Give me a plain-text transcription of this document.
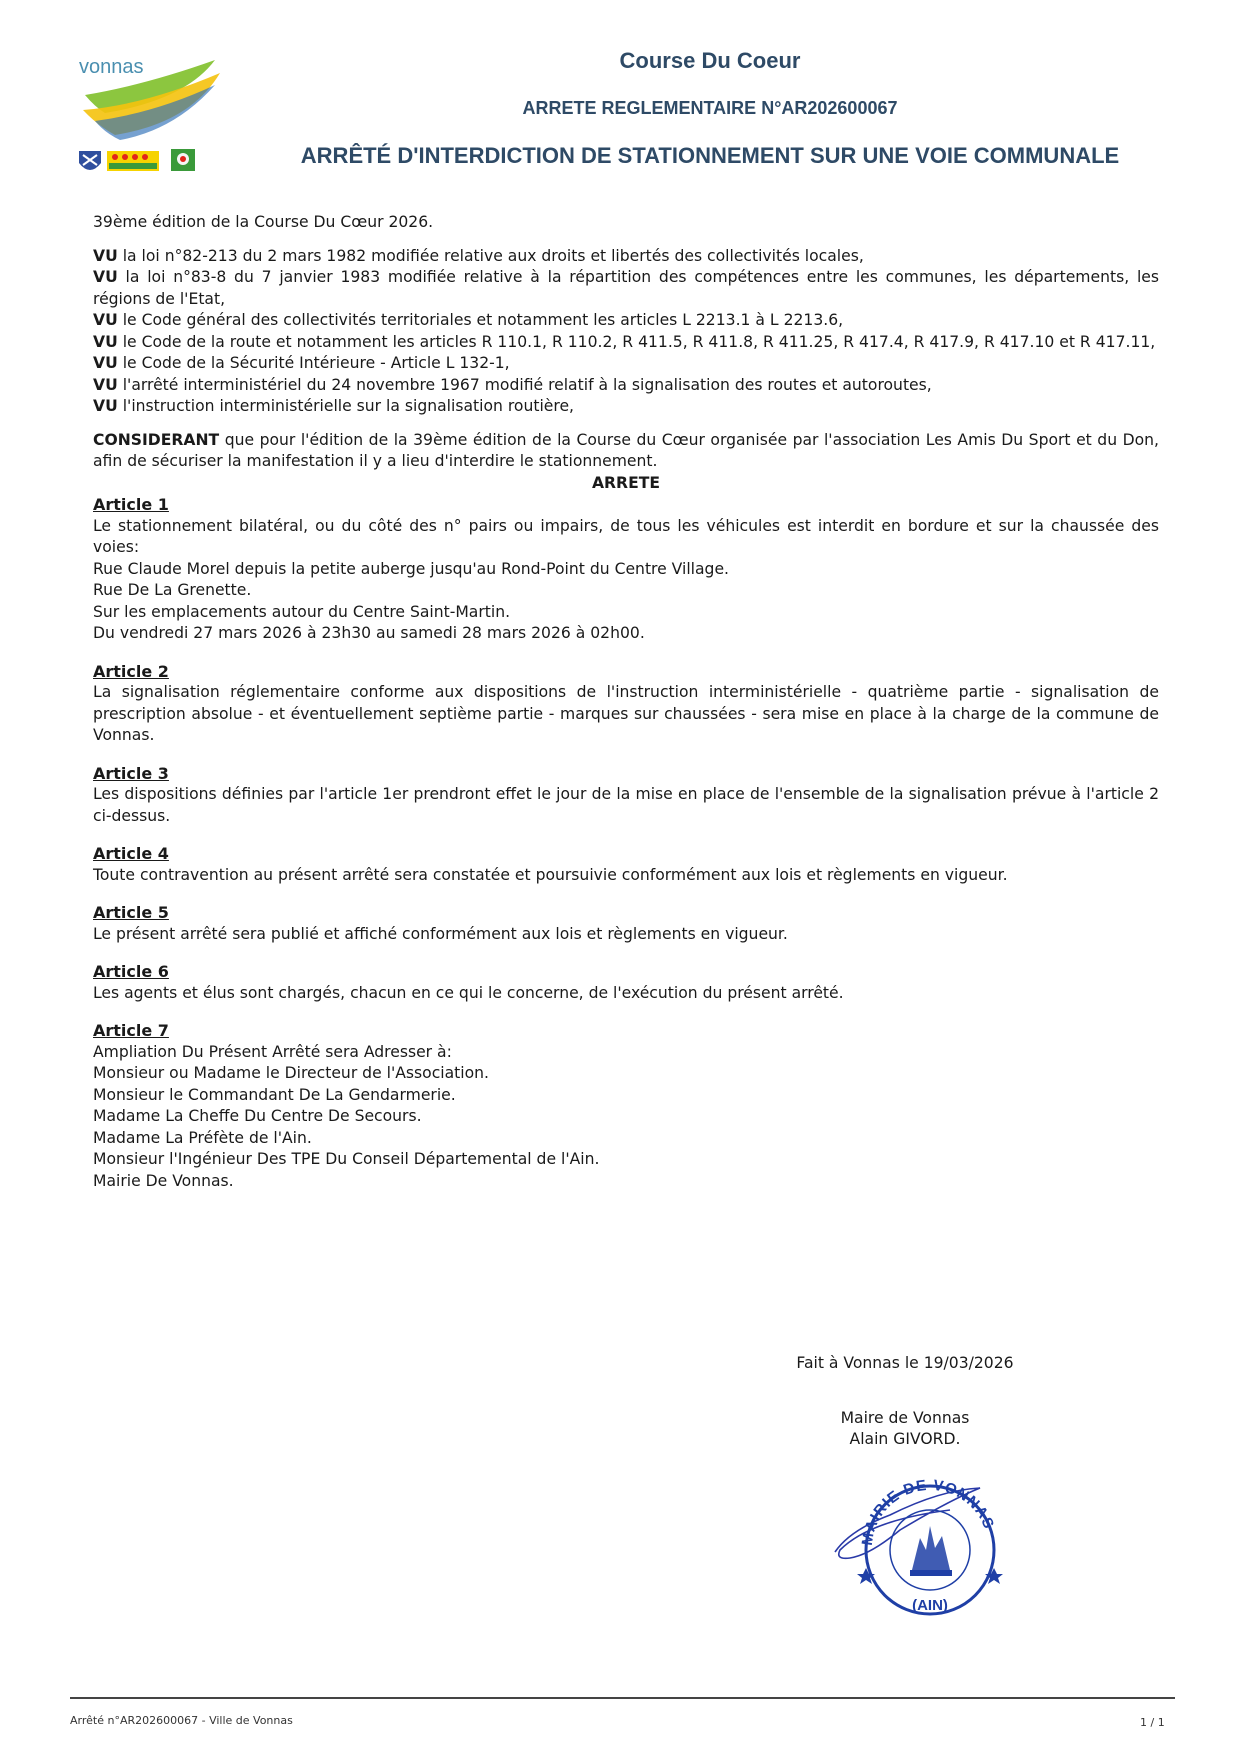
vonnas	Course Du Coeur
ARRETE REGLEMENTAIRE N°AR202600067
ARRÊTÉ D'INTERDICTION DE STATIONNEMENT SUR UNE VOIE COMMUNALE

39ème édition de la Course Du Cœur 2026.

VU la loi n°82-213 du 2 mars 1982 modifiée relative aux droits et libertés des collectivités locales,

VU la loi n°83-8 du 7 janvier 1983 modifiée relative à la répartition des compétences entre les communes, les départements, les régions de l'Etat,

VU le Code général des collectivités territoriales et notamment les articles L 2213.1 à L 2213.6,

VU le Code de la route et notamment les articles R 110.1, R 110.2, R 411.5, R 411.8, R 411.25, R 417.4, R 417.9, R 417.10 et R 417.11,

VU le Code de la Sécurité Intérieure - Article L 132-1,

VU l'arrêté interministériel du 24 novembre 1967 modifié relatif à la signalisation des routes et autoroutes,

VU l'instruction interministérielle sur la signalisation routière,

CONSIDERANT que pour l'édition de la 39ème édition de la Course du Cœur organisée par l'association Les Amis Du Sport et du Don, afin de sécuriser la manifestation il y a lieu d'interdire le stationnement.

ARRETE

Article 1

Le stationnement bilatéral, ou du côté des n° pairs ou impairs, de tous les véhicules est interdit en bordure et sur la chaussée des voies:

Rue Claude Morel depuis la petite auberge jusqu'au Rond-Point du Centre Village.

Rue De La Grenette.

Sur les emplacements autour du Centre Saint-Martin.

Du vendredi 27 mars 2026 à 23h30 au samedi 28 mars 2026 à 02h00.

Article 2

La signalisation réglementaire conforme aux dispositions de l'instruction interministérielle - quatrième partie - signalisation de prescription absolue - et éventuellement septième partie - marques sur chaussées - sera mise en place à la charge de la commune de Vonnas.

Article 3

Les dispositions définies par l'article 1er prendront effet le jour de la mise en place de l'ensemble de la signalisation prévue à l'article 2 ci-dessus.

Article 4

Toute contravention au présent arrêté sera constatée et poursuivie conformément aux lois et règlements en vigueur.

Article 5

Le présent arrêté sera publié et affiché conformément aux lois et règlements en vigueur.

Article 6

Les agents et élus sont chargés, chacun en ce qui le concerne, de l'exécution du présent arrêté.

Article 7

Ampliation Du Présent Arrêté sera Adresser à:

Monsieur ou Madame le Directeur de l'Association.

Monsieur le Commandant De La Gendarmerie.

Madame La Cheffe Du Centre De Secours.

Madame La Préfète de l'Ain.

Monsieur l'Ingénieur Des TPE Du Conseil Départemental de l'Ain.

Mairie De Vonnas.

Fait à Vonnas le 19/03/2026

Maire de Vonnas

Alain GIVORD.

MAIRIE DE VONNAS
(AIN)
Arrêté n°AR202600067 - Ville de Vonnas	1 / 1
